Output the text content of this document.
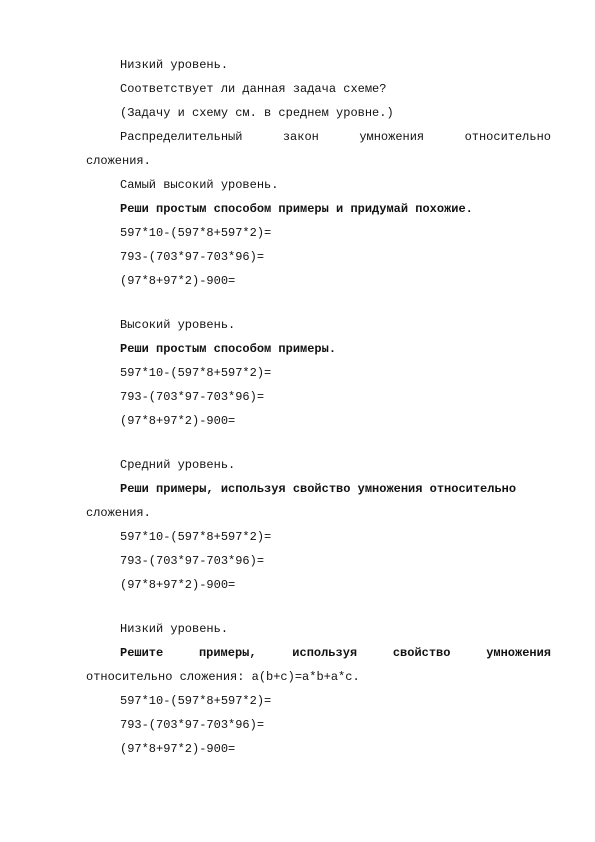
Низкий уровень.
Соответствует ли данная задача схеме?
(Задачу и схему см. в среднем уровне.)
Распределительный	закон	умножения	относительно
сложения.
Самый высокий уровень.
Реши простым способом примеры и придумай похожие.
597*10-(597*8+597*2)=
793-(703*97-703*96)=
(97*8+97*2)-900=
Высокий уровень.
Реши простым способом примеры.
597*10-(597*8+597*2)=
793-(703*97-703*96)=
(97*8+97*2)-900=
Средний уровень.
Реши примеры, используя свойство умножения относительно
сложения.
597*10-(597*8+597*2)=
793-(703*97-703*96)=
(97*8+97*2)-900=
Низкий уровень.
Решите	примеры,	используя	свойство	умножения
относительно сложения: a(b+c)=a*b+a*c.
597*10-(597*8+597*2)=
793-(703*97-703*96)=
(97*8+97*2)-900=
